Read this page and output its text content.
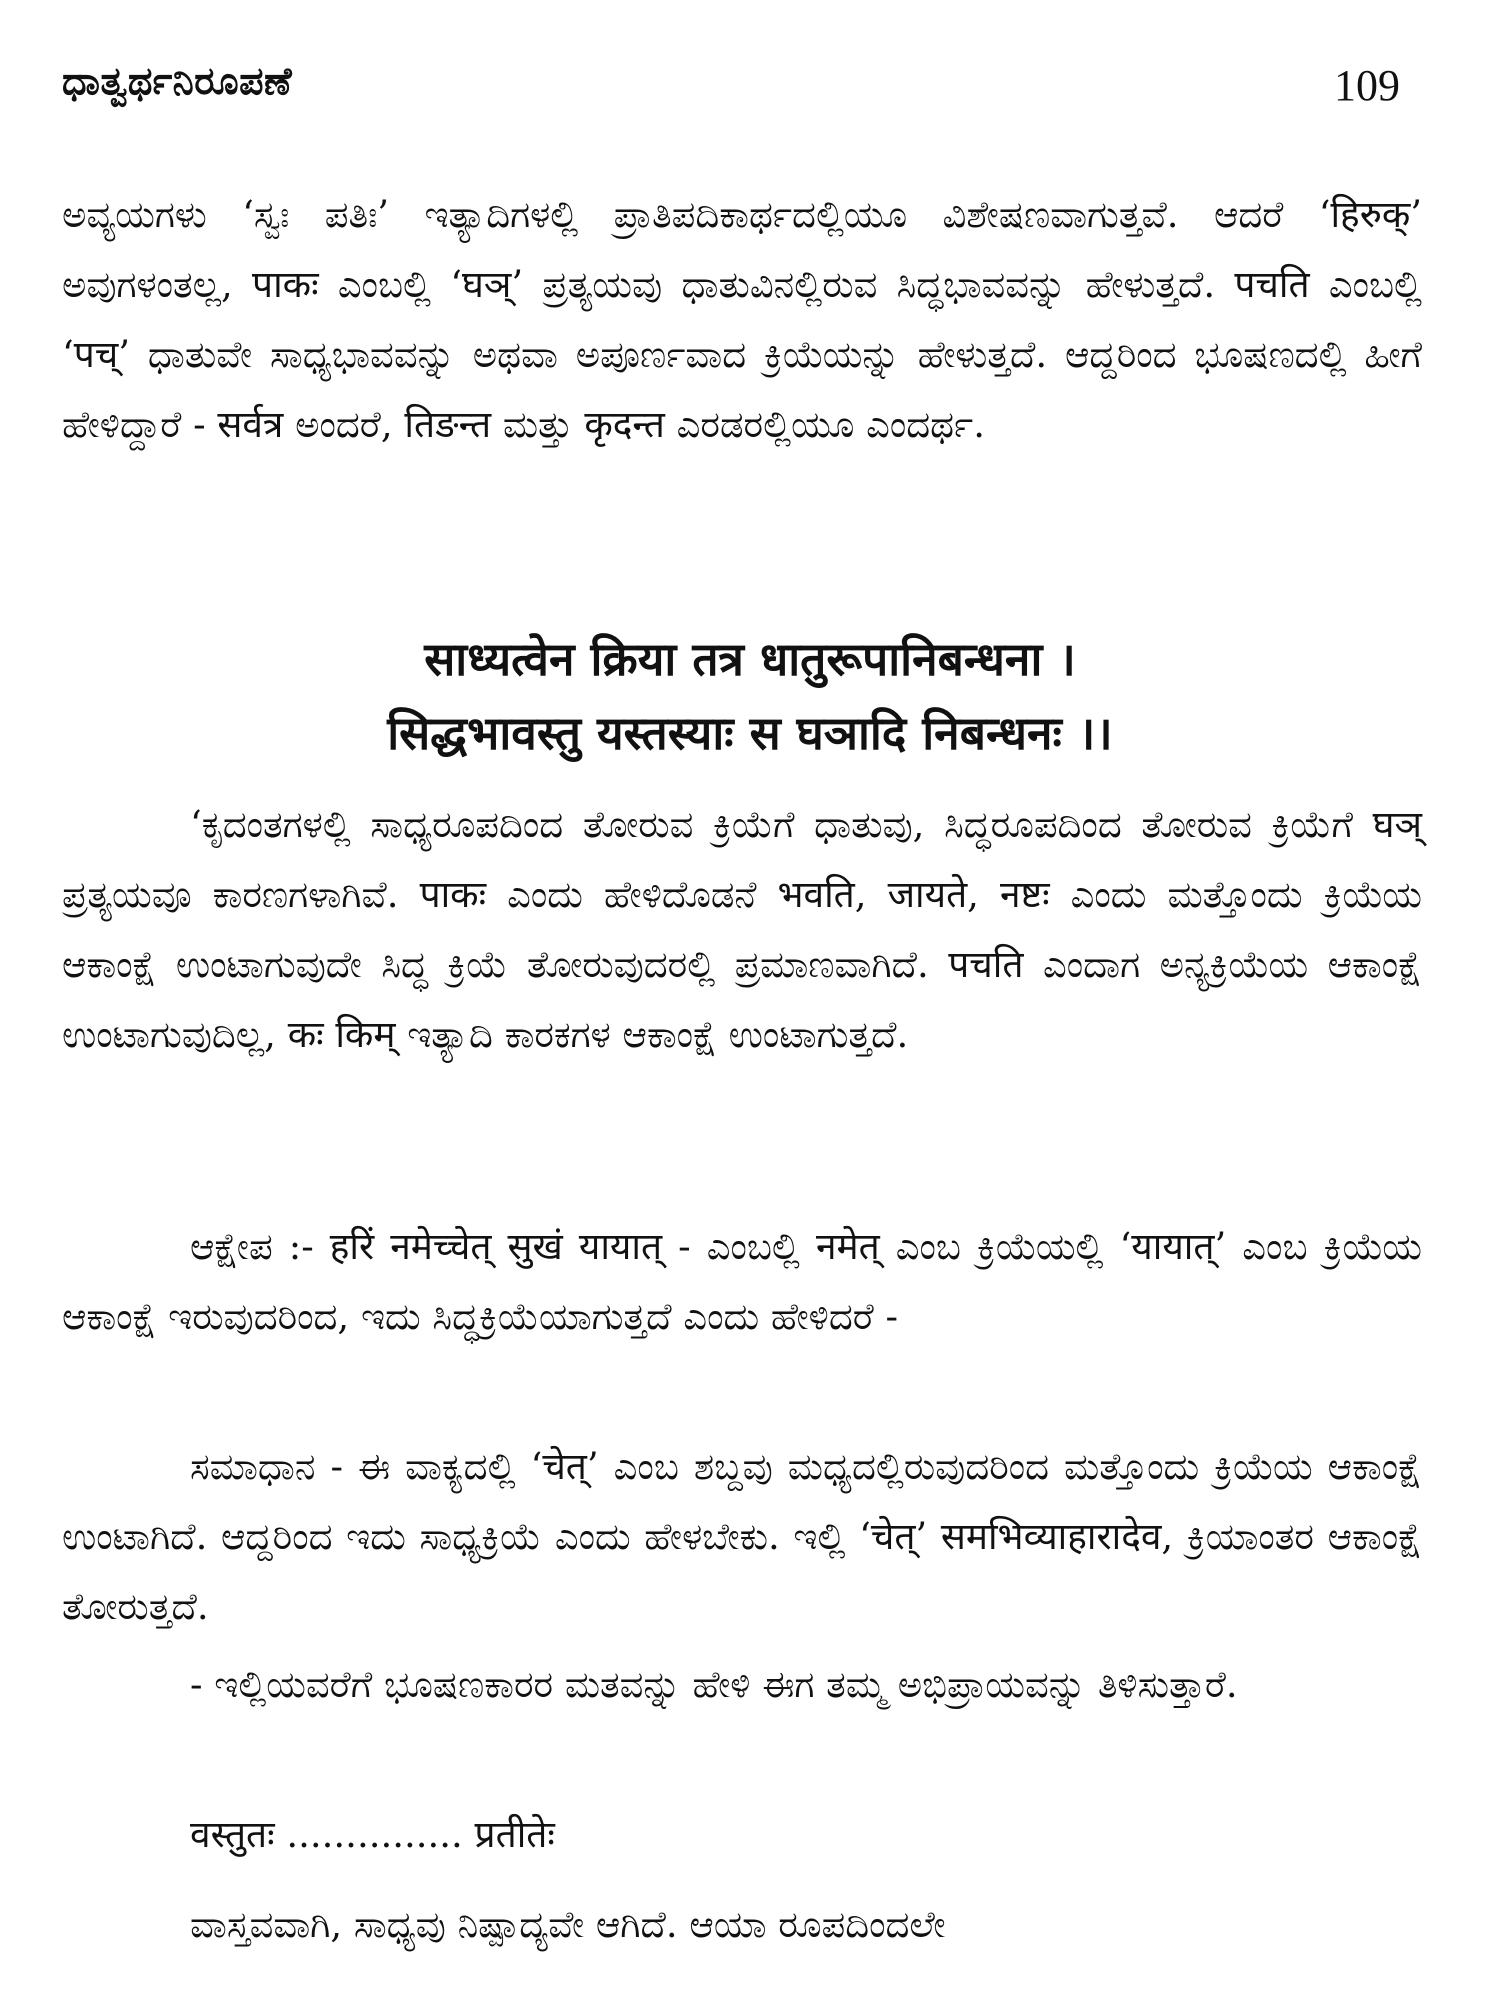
ಧಾತ್ವರ್ಥನಿರೂಪಣೆ	109

ಅವ್ಯಯಗಳು ‘ಸ್ವಃ ಪತಿಃ’ ಇತ್ಯಾದಿಗಳಲ್ಲಿ ಪ್ರಾತಿಪದಿಕಾರ್ಥದಲ್ಲಿಯೂ ವಿಶೇಷಣವಾಗುತ್ತವೆ. ಆದರೆ ‘हिरुक्’ ಅವುಗಳಂತಲ್ಲ, पाकः ಎಂಬಲ್ಲಿ ‘घञ्’ ಪ್ರತ್ಯಯವು ಧಾತುವಿನಲ್ಲಿರುವ ಸಿದ್ಧಭಾವವನ್ನು ಹೇಳುತ್ತದೆ. पचति ಎಂಬಲ್ಲಿ ‘पच्’ ಧಾತುವೇ ಸಾಧ್ಯಭಾವವನ್ನು ಅಥವಾ ಅಪೂರ್ಣವಾದ ಕ್ರಿಯೆಯನ್ನು ಹೇಳುತ್ತದೆ. ಆದ್ದರಿಂದ ಭೂಷಣದಲ್ಲಿ ಹೀಗೆ ಹೇಳಿದ್ದಾರೆ - सर्वत्र ಅಂದರೆ, तिङन्त ಮತ್ತು कृदन्त ಎರಡರಲ್ಲಿಯೂ ಎಂದರ್ಥ.

साध्यत्वेन क्रिया तत्र धातुरूपानिबन्धना ।
सिद्धभावस्तु यस्तस्याः स घञादि निबन्धनः ।।

‘ಕೃದಂತಗಳಲ್ಲಿ ಸಾಧ್ಯರೂಪದಿಂದ ತೋರುವ ಕ್ರಿಯೆಗೆ ಧಾತುವು, ಸಿದ್ಧರೂಪದಿಂದ ತೋರುವ ಕ್ರಿಯೆಗೆ घञ् ಪ್ರತ್ಯಯವೂ ಕಾರಣಗಳಾಗಿವೆ. पाकः ಎಂದು ಹೇಳಿದೊಡನೆ भवति, जायते, नष्टः ಎಂದು ಮತ್ತೊಂದು ಕ್ರಿಯೆಯ ಆಕಾಂಕ್ಷೆ ಉಂಟಾಗುವುದೇ ಸಿದ್ಧ ಕ್ರಿಯೆ ತೋರುವುದರಲ್ಲಿ ಪ್ರಮಾಣವಾಗಿದೆ. पचति ಎಂದಾಗ ಅನ್ಯಕ್ರಿಯೆಯ ಆಕಾಂಕ್ಷೆ ಉಂಟಾಗುವುದಿಲ್ಲ, कः किम् ಇತ್ಯಾದಿ ಕಾರಕಗಳ ಆಕಾಂಕ್ಷೆ ಉಂಟಾಗುತ್ತದೆ.

ಆಕ್ಷೇಪ :- हरिं नमेच्चेत् सुखं यायात् - ಎಂಬಲ್ಲಿ नमेत् ಎಂಬ ಕ್ರಿಯೆಯಲ್ಲಿ ‘यायात्’ ಎಂಬ ಕ್ರಿಯೆಯ ಆಕಾಂಕ್ಷೆ ಇರುವುದರಿಂದ, ಇದು ಸಿದ್ಧಕ್ರಿಯೆಯಾಗುತ್ತದೆ ಎಂದು ಹೇಳಿದರೆ -

ಸಮಾಧಾನ - ಈ ವಾಕ್ಯದಲ್ಲಿ ‘चेत्’ ಎಂಬ ಶಬ್ದವು ಮಧ್ಯದಲ್ಲಿರುವುದರಿಂದ ಮತ್ತೊಂದು ಕ್ರಿಯೆಯ ಆಕಾಂಕ್ಷೆ ಉಂಟಾಗಿದೆ. ಆದ್ದರಿಂದ ಇದು ಸಾಧ್ಯಕ್ರಿಯೆ ಎಂದು ಹೇಳಬೇಕು. ಇಲ್ಲಿ ‘चेत्’ समभिव्याहारादेव, ಕ್ರಿಯಾಂತರ ಆಕಾಂಕ್ಷೆ ತೋರುತ್ತದೆ.

- ಇಲ್ಲಿಯವರೆಗೆ ಭೂಷಣಕಾರರ ಮತವನ್ನು ಹೇಳಿ ಈಗ ತಮ್ಮ ಅಭಿಪ್ರಾಯವನ್ನು ತಿಳಿಸುತ್ತಾರೆ.

वस्तुतः ............... प्रतीतेः

ವಾಸ್ತವವಾಗಿ, ಸಾಧ್ಯವು ನಿಷ್ಪಾದ್ಯವೇ ಆಗಿದೆ. ಆಯಾ ರೂಪದಿಂದಲೇ
